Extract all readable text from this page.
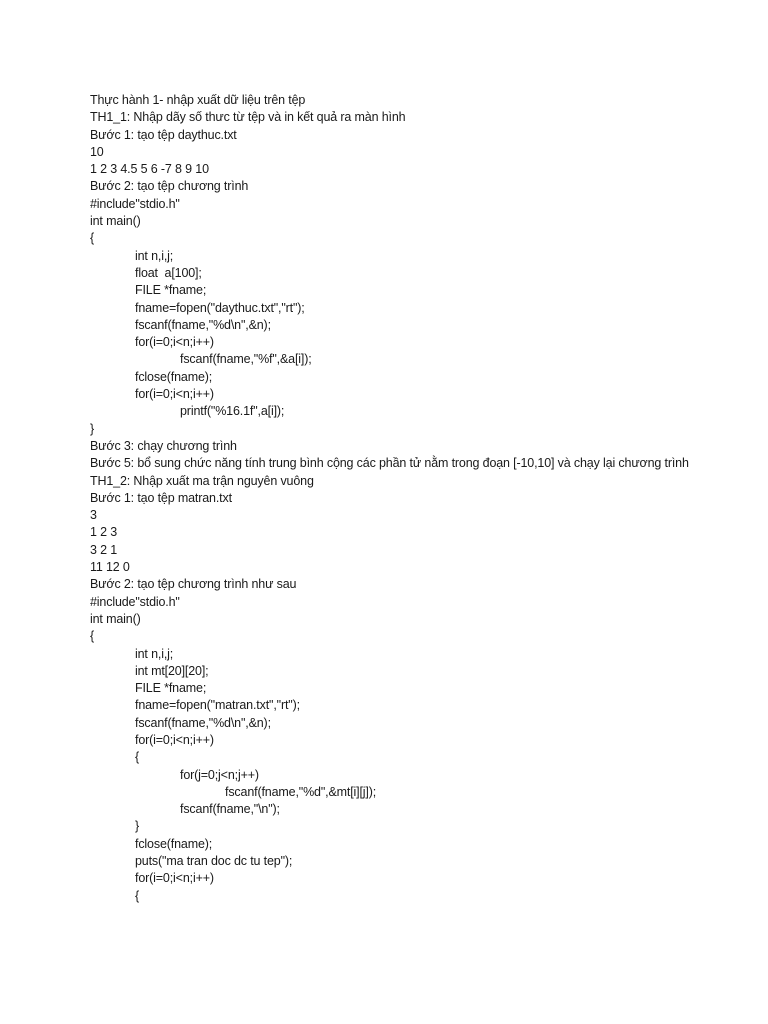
Thực hành 1- nhập xuất dữ liệu trên tệp
TH1_1: Nhập dãy số thưc từ tệp và in kết quả ra màn hình
Bước 1: tạo tệp daythuc.txt
10
1 2 3 4.5 5 6 -7 8 9 10
Bước 2: tạo tệp chương trình
#include"stdio.h"
int main()
{
int n,i,j;
float  a[100];
FILE *fname;
fname=fopen("daythuc.txt","rt");
fscanf(fname,"%d\n",&n);
for(i=0;i<n;i++)
fscanf(fname,"%f",&a[i]);
fclose(fname);
for(i=0;i<n;i++)
printf("%16.1f",a[i]);
}
Bước 3: chạy chương trình
Bước 5: bổ sung chức năng tính trung bình cộng các phần tử nằm trong đoạn [-10,10] và chạy lại chương trình
TH1_2: Nhập xuất ma trận nguyên vuông
Bước 1: tạo tệp matran.txt
3
1 2 3
3 2 1
11 12 0
Bước 2: tạo tệp chương trình như sau
#include"stdio.h"
int main()
{
int n,i,j;
int mt[20][20];
FILE *fname;
fname=fopen("matran.txt","rt");
fscanf(fname,"%d\n",&n);
for(i=0;i<n;i++)
{
for(j=0;j<n;j++)
fscanf(fname,"%d",&mt[i][j]);
fscanf(fname,"\n");
}
fclose(fname);
puts("ma tran doc dc tu tep");
for(i=0;i<n;i++)
{
